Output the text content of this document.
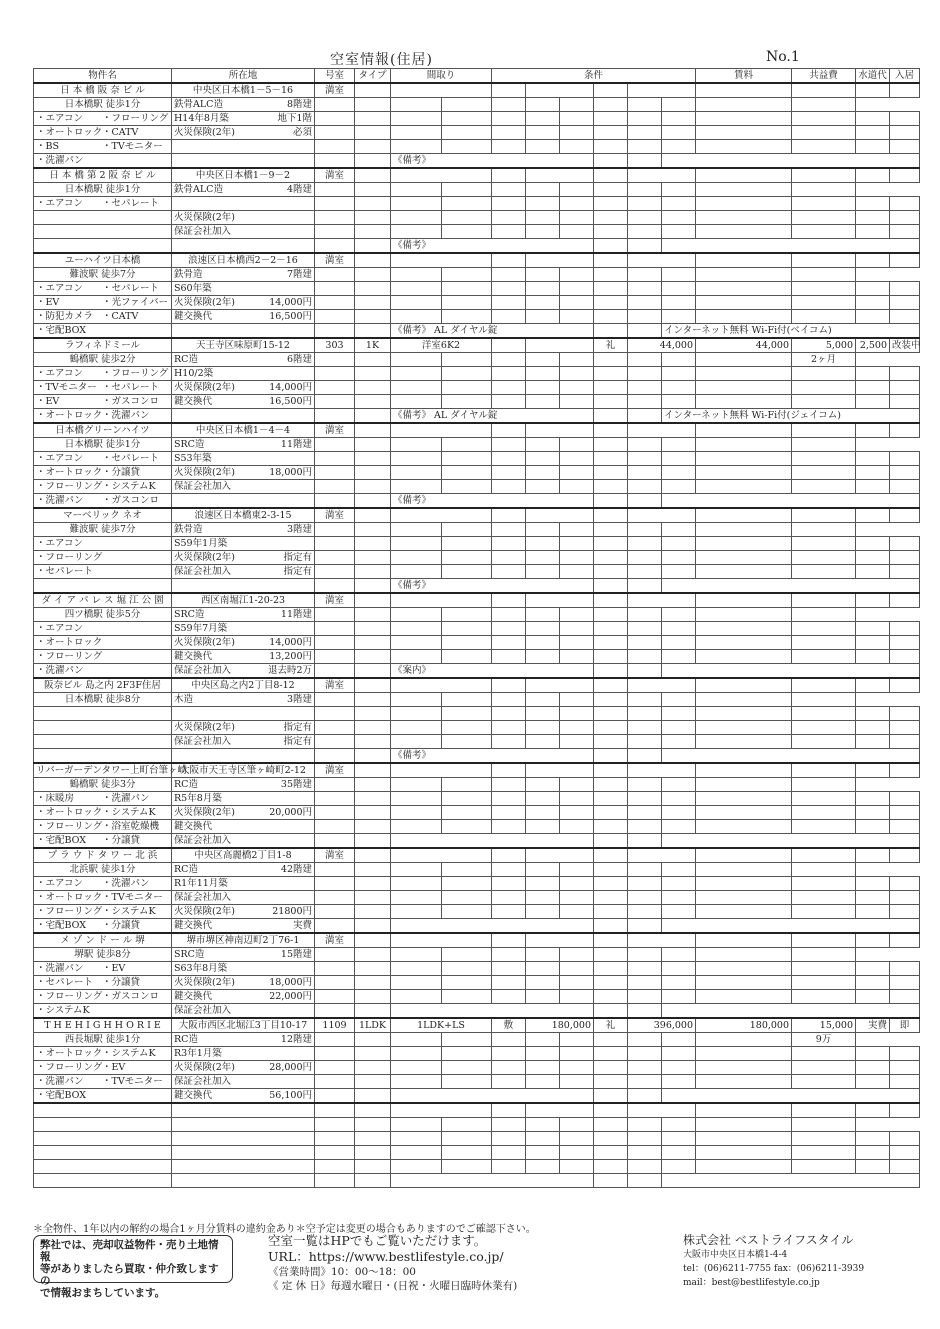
空室情報(住居)	No.1
物件名	所在地	号室	タイプ	間取り		条件						賃料	共益費	水道代	入居
日 本 橋 阪 奈 ビ ル	中央区日本橋1－5－16	満室													
日本橋駅 徒歩1分	鉄骨ALC造 8階建														

・エアコン ・フローリング	H14年8月築 地下1階														

・オートロック・CATV	火災保険(2年) 必須														

・BS ・TVモニター	

・洗濯パン				《備考》											
日 本 橋 第 2 阪 奈 ビ ル	中央区日本橋1－9－2	満室													
日本橋駅 徒歩1分	鉄骨ALC造 4階建														

・エアコン ・セパレート	

	火災保険(2年)														

	保証会社加入														

			《備考》											
ユーハイツ日本橋	浪速区日本橋西2－2－16	満室													
難波駅 徒歩7分	鉄骨造 7階建														

・エアコン ・セパレート	S60年築														

・EV ・光ファイバー	火災保険(2年) 14,000円														

・防犯カメラ ・CATV	鍵交換代 16,500円														

・宅配BOX				《備考》 AL ダイヤル錠							インターネット無料 Wi-Fi付(ベイコム)				
ラフィネドミール	天王寺区味原町15-12	303	1K	洋室6K2					礼	44,000		44,000	5,000	2,500	改装中
鶴橋駅 徒歩2分	RC造 6階建												2ヶ月		
・エアコン ・フローリング	H10/2築														

・TVモニター ・セパレート	火災保険(2年) 14,000円														

・EV ・ガスコンロ	鍵交換代 16,500円														

・オートロック・洗濯パン				《備考》 AL ダイヤル錠							インターネット無料 Wi-Fi付(ジェイコム)				
日本橋グリーンハイツ	中央区日本橋1－4－4	満室													
日本橋駅 徒歩1分	SRC造 11階建														

・エアコン ・セパレート	S53年築														

・オートロック・分譲貸	火災保険(2年) 18,000円														

・フローリング・システムK	保証会社加入														

・洗濯パン ・ガスコンロ				《備考》											
マーベリック ネオ	浪速区日本橋東2-3-15	満室													
難波駅 徒歩7分	鉄骨造 3階建														

・エアコン	S59年1月築														

・フローリング	火災保険(2年) 指定有														

・セパレート	保証会社加入 指定有														

			《備考》											
ダ イ ア パ レ ス 堀 江 公 園	西区南堀江1-20-23	満室													
四ツ橋駅 徒歩5分	SRC造 11階建														

・エアコン	S59年7月築														

・オートロック	火災保険(2年) 14,000円														

・フローリング	鍵交換代 13,200円														

・洗濯パン	保証会社加入 退去時2万			《案内》											
阪奈ビル 島之内 2F3F住居	中央区島之内2丁目8-12	満室													
日本橋駅 徒歩8分	木造 3階建														

	火災保険(2年) 指定有														

	保証会社加入 指定有														

			《備考》											
リバーガーデンタワー上町台筆ヶ崎	大阪市天王寺区筆ヶ崎町2-12	満室													
鶴橋駅 徒歩3分	RC造 35階建														

・床暖房 ・洗濯パン	R5年8月築														

・オートロック・システムK	火災保険(2年) 20,000円														

・フローリング・浴室乾燥機	鍵交換代														

・宅配BOX ・分譲貸	保証会社加入														

プ ラ ウ ド タ ワ ー 北 浜	中央区高麗橋2丁目1-8	満室													
北浜駅 徒歩1分	RC造 42階建														

・エアコン ・洗濯パン	R1年11月築														

・オートロック・TVモニター	保証会社加入														

・フローリング・システムK	火災保険(2年) 21800円														

・宅配BOX ・分譲貸	鍵交換代 実費														

メ ゾ ン ド ー ル 堺	堺市堺区神南辺町2丁76-1	満室													
堺駅 徒歩8分	SRC造 15階建														

・洗濯パン ・EV	S63年8月築														

・セパレート ・分譲貸	火災保険(2年) 18,000円														

・フローリング・ガスコンロ	鍵交換代 22,000円														

・システムK	保証会社加入														

T H E H I G H H O R I E	大阪市西区北堀江3丁目10-17	1109	1LDK	1LDK+LS		敷	180,000		礼	396,000		180,000	15,000	実費	即
西長堀駅 徒歩1分	RC造 12階建												9万		
・オートロック・システムK	R3年1月築														

・フローリング・EV	火災保険(2年) 28,000円														

・洗濯パン ・TVモニター	保証会社加入														

・宅配BOX	鍵交換代 56,100円														

＊全物件、1年以内の解約の場合1ヶ月分賃料の違約金あり＊空予定は変更の場合もありますのでご確認下さい。
弊社では、売却収益物件・売り土地情報
等がありましたら買取・仲介致しますの
で情報おまちしています。
空室一覧はHPでもご覧いただけます。
URL：https://www.bestlifestyle.co.jp/
《営業時間》10：00～18：00
《 定 休 日》毎週水曜日・(日祝・火曜日臨時休業有)
株式会社 ベストライフスタイル
大阪市中央区日本橋1-4-4
tel：(06)6211-7755 fax：(06)6211-3939
mail：best@bestlifestyle.co.jp
